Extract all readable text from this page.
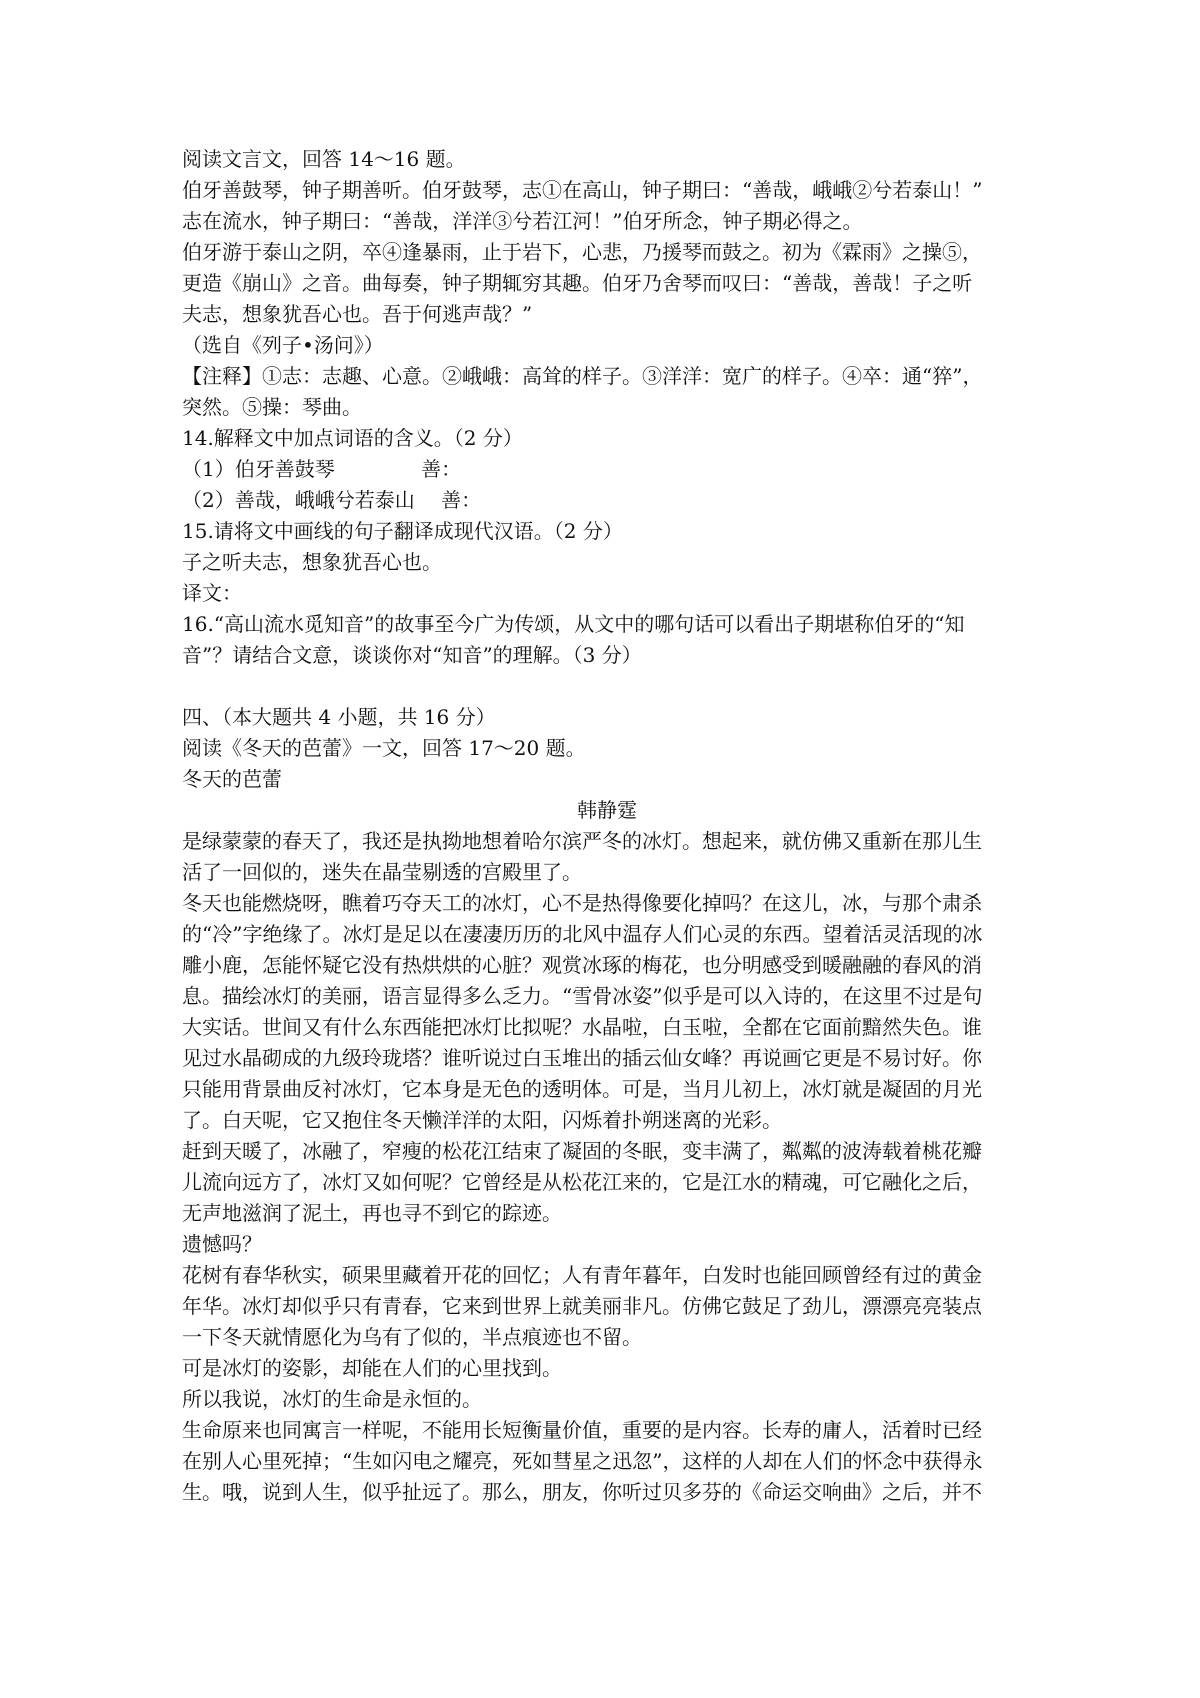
阅读文言文，回答 14～16 题。
伯牙善鼓琴，钟子期善听。伯牙鼓琴，志①在高山，钟子期曰：“善哉，峨峨②兮若泰山！”
志在流水，钟子期曰：“善哉，洋洋③兮若江河！”伯牙所念，钟子期必得之。
伯牙游于泰山之阴，卒④逢暴雨，止于岩下，心悲，乃援琴而鼓之。初为《霖雨》之操⑤，
更造《崩山》之音。曲每奏，钟子期辄穷其趣。伯牙乃舍琴而叹曰：“善哉，善哉！子之听
夫志，想象犹吾心也。吾于何逃声哉？”
（选自《列子•汤问》）
【注释】①志：志趣、心意。②峨峨：高耸的样子。③洋洋：宽广的样子。④卒：通“猝”，
突然。⑤操：琴曲。
14.解释文中加点词语的含义。（2 分）
（1）伯牙善鼓琴 　　　　善：
（2）善哉，峨峨兮若泰山 　善：
15.请将文中画线的句子翻译成现代汉语。（2 分）
子之听夫志，想象犹吾心也。
译文：
16.“高山流水觅知音”的故事至今广为传颂，从文中的哪句话可以看出子期堪称伯牙的“知
音”？请结合文意，谈谈你对“知音”的理解。（3 分）
四、（本大题共 4 小题，共 16 分）
阅读《冬天的芭蕾》一文，回答 17～20 题。
冬天的芭蕾
韩静霆
是绿蒙蒙的春天了，我还是执拗地想着哈尔滨严冬的冰灯。想起来，就仿佛又重新在那儿生
活了一回似的，迷失在晶莹剔透的宫殿里了。
冬天也能燃烧呀，瞧着巧夺天工的冰灯，心不是热得像要化掉吗？在这儿，冰，与那个肃杀
的“冷”字绝缘了。冰灯是足以在凄凄历历的北风中温存人们心灵的东西。望着活灵活现的冰
雕小鹿，怎能怀疑它没有热烘烘的心脏？观赏冰琢的梅花，也分明感受到暖融融的春风的消
息。描绘冰灯的美丽，语言显得多么乏力。“雪骨冰姿”似乎是可以入诗的，在这里不过是句
大实话。世间又有什么东西能把冰灯比拟呢？水晶啦，白玉啦，全都在它面前黯然失色。谁
见过水晶砌成的九级玲珑塔？谁听说过白玉堆出的插云仙女峰？再说画它更是不易讨好。你
只能用背景曲反衬冰灯，它本身是无色的透明体。可是，当月儿初上，冰灯就是凝固的月光
了。白天呢，它又抱住冬天懒洋洋的太阳，闪烁着扑朔迷离的光彩。
赶到天暖了，冰融了，窄瘦的松花江结束了凝固的冬眠，变丰满了，粼粼的波涛载着桃花瓣
儿流向远方了，冰灯又如何呢？它曾经是从松花江来的，它是江水的精魂，可它融化之后，
无声地滋润了泥土，再也寻不到它的踪迹。
遗憾吗？
花树有春华秋实，硕果里藏着开花的回忆；人有青年暮年，白发时也能回顾曾经有过的黄金
年华。冰灯却似乎只有青春，它来到世界上就美丽非凡。仿佛它鼓足了劲儿，漂漂亮亮装点
一下冬天就情愿化为乌有了似的，半点痕迹也不留。
可是冰灯的姿影，却能在人们的心里找到。
所以我说，冰灯的生命是永恒的。
生命原来也同寓言一样呢，不能用长短衡量价值，重要的是内容。长寿的庸人，活着时已经
在别人心里死掉；“生如闪电之耀亮，死如彗星之迅忽”，这样的人却在人们的怀念中获得永
生。哦，说到人生，似乎扯远了。那么，朋友，你听过贝多芬的《命运交响曲》之后，并不
